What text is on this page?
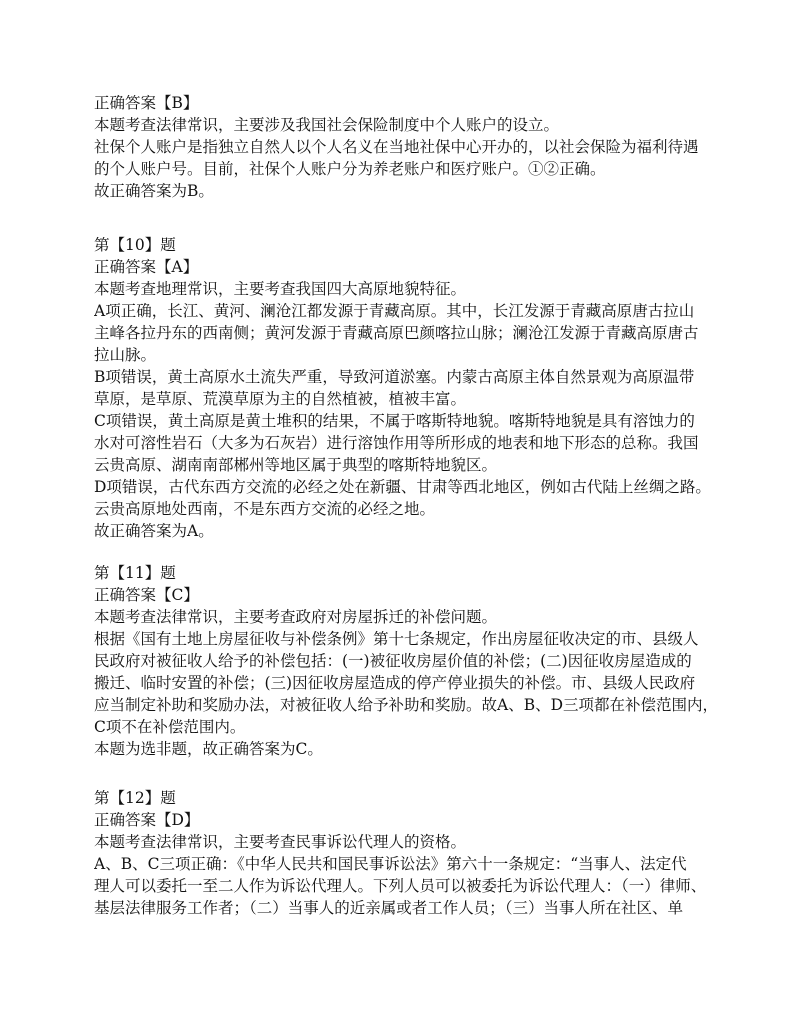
正确答案【B】
本题考查法律常识，主要涉及我国社会保险制度中个人账户的设立。
社保个人账户是指独立自然人以个人名义在当地社保中心开办的，以社会保险为福利待遇
的个人账户号。目前，社保个人账户分为养老账户和医疗账户。①②正确。
故正确答案为B。
第【10】题
正确答案【A】
本题考查地理常识，主要考查我国四大高原地貌特征。
A项正确，长江、黄河、澜沧江都发源于青藏高原。其中，长江发源于青藏高原唐古拉山
主峰各拉丹东的西南侧；黄河发源于青藏高原巴颜喀拉山脉；澜沧江发源于青藏高原唐古
拉山脉。
B项错误，黄土高原水土流失严重，导致河道淤塞。内蒙古高原主体自然景观为高原温带
草原，是草原、荒漠草原为主的自然植被，植被丰富。
C项错误，黄土高原是黄土堆积的结果，不属于喀斯特地貌。喀斯特地貌是具有溶蚀力的
水对可溶性岩石（大多为石灰岩）进行溶蚀作用等所形成的地表和地下形态的总称。我国
云贵高原、湖南南部郴州等地区属于典型的喀斯特地貌区。
D项错误，古代东西方交流的必经之处在新疆、甘肃等西北地区，例如古代陆上丝绸之路。
云贵高原地处西南，不是东西方交流的必经之地。
故正确答案为A。
第【11】题
正确答案【C】
本题考查法律常识，主要考查政府对房屋拆迁的补偿问题。
根据《国有土地上房屋征收与补偿条例》第十七条规定，作出房屋征收决定的市、县级人
民政府对被征收人给予的补偿包括：(一)被征收房屋价值的补偿；(二)因征收房屋造成的
搬迁、临时安置的补偿；(三)因征收房屋造成的停产停业损失的补偿。市、县级人民政府
应当制定补助和奖励办法，对被征收人给予补助和奖励。故A、B、D三项都在补偿范围内，
C项不在补偿范围内。
本题为选非题，故正确答案为C。
第【12】题
正确答案【D】
本题考查法律常识，主要考查民事诉讼代理人的资格。
A、B、C三项正确：《中华人民共和国民事诉讼法》第六十一条规定：“当事人、法定代
理人可以委托一至二人作为诉讼代理人。下列人员可以被委托为诉讼代理人：（一）律师、
基层法律服务工作者；（二）当事人的近亲属或者工作人员；（三）当事人所在社区、单
